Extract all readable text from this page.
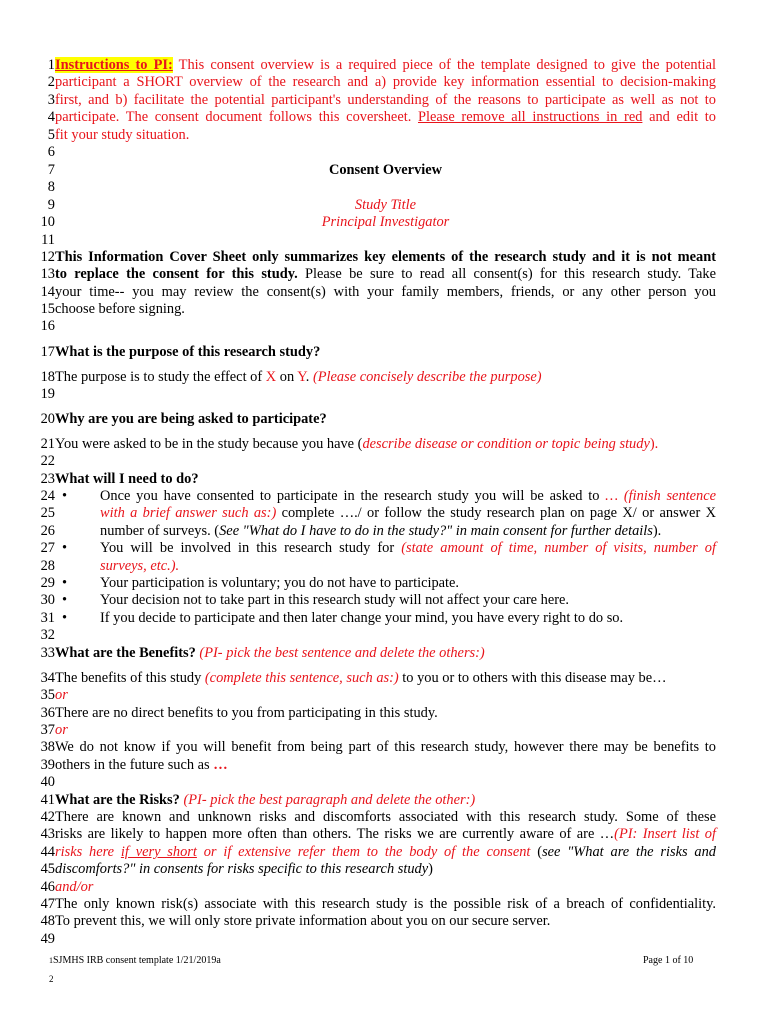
1 Instructions to PI: This consent overview is a required piece of the template designed to give the potential
2 participant a SHORT overview of the research and a) provide key information essential to decision-making
3 first, and b) facilitate the potential participant's understanding of the reasons to participate as well as not to
4 participate. The consent document follows this coversheet. Please remove all instructions in red and edit to
5 fit your study situation.
6
7	Consent Overview
8
9	Study Title
10	Principal Investigator
11
12 This Information Cover Sheet only summarizes key elements of the research study and it is not meant
13 to replace the consent for this study. Please be sure to read all consent(s) for this research study. Take
14 your time-- you may review the consent(s) with your family members, friends, or any other person you
15 choose before signing.
16
17 What is the purpose of this research study?
18 The purpose is to study the effect of X on Y. (Please concisely describe the purpose)
19
20 Why are you are being asked to participate?
21 You were asked to be in the study because you have (describe disease or condition or topic being study).
22
23 What will I need to do?
24 • Once you have consented to participate in the research study you will be asked to … (finish sentence
25	with a brief answer such as:) complete …./ or follow the study research plan on page X/ or answer X
26	number of surveys. (See "What do I have to do in the study?" in main consent for further details).
27 • You will be involved in this research study for (state amount of time, number of visits, number of
28	surveys, etc.).
29 • Your participation is voluntary; you do not have to participate.
30 • Your decision not to take part in this research study will not affect your care here.
31 • If you decide to participate and then later change your mind, you have every right to do so.
32
33 What are the Benefits? (PI- pick the best sentence and delete the others:)
34 The benefits of this study (complete this sentence, such as:) to you or to others with this disease may be…
35 or
36 There are no direct benefits to you from participating in this study.
37 or
38 We do not know if you will benefit from being part of this research study, however there may be benefits to
39 others in the future such as …
40
41 What are the Risks? (PI- pick the best paragraph and delete the other:)
42 There are known and unknown risks and discomforts associated with this research study. Some of these
43 risks are likely to happen more often than others. The risks we are currently aware of are …(PI: Insert list of
44 risks here if very short or if extensive refer them to the body of the consent (see "What are the risks and
45 discomforts?" in consents for risks specific to this research study)
46 and/or
47 The only known risk(s) associate with this research study is the possible risk of a breach of confidentiality.
48 To prevent this, we will only store private information about you on our secure server.
49
1SJMHS IRB consent template 1/21/2019a	Page 1 of 10
2
